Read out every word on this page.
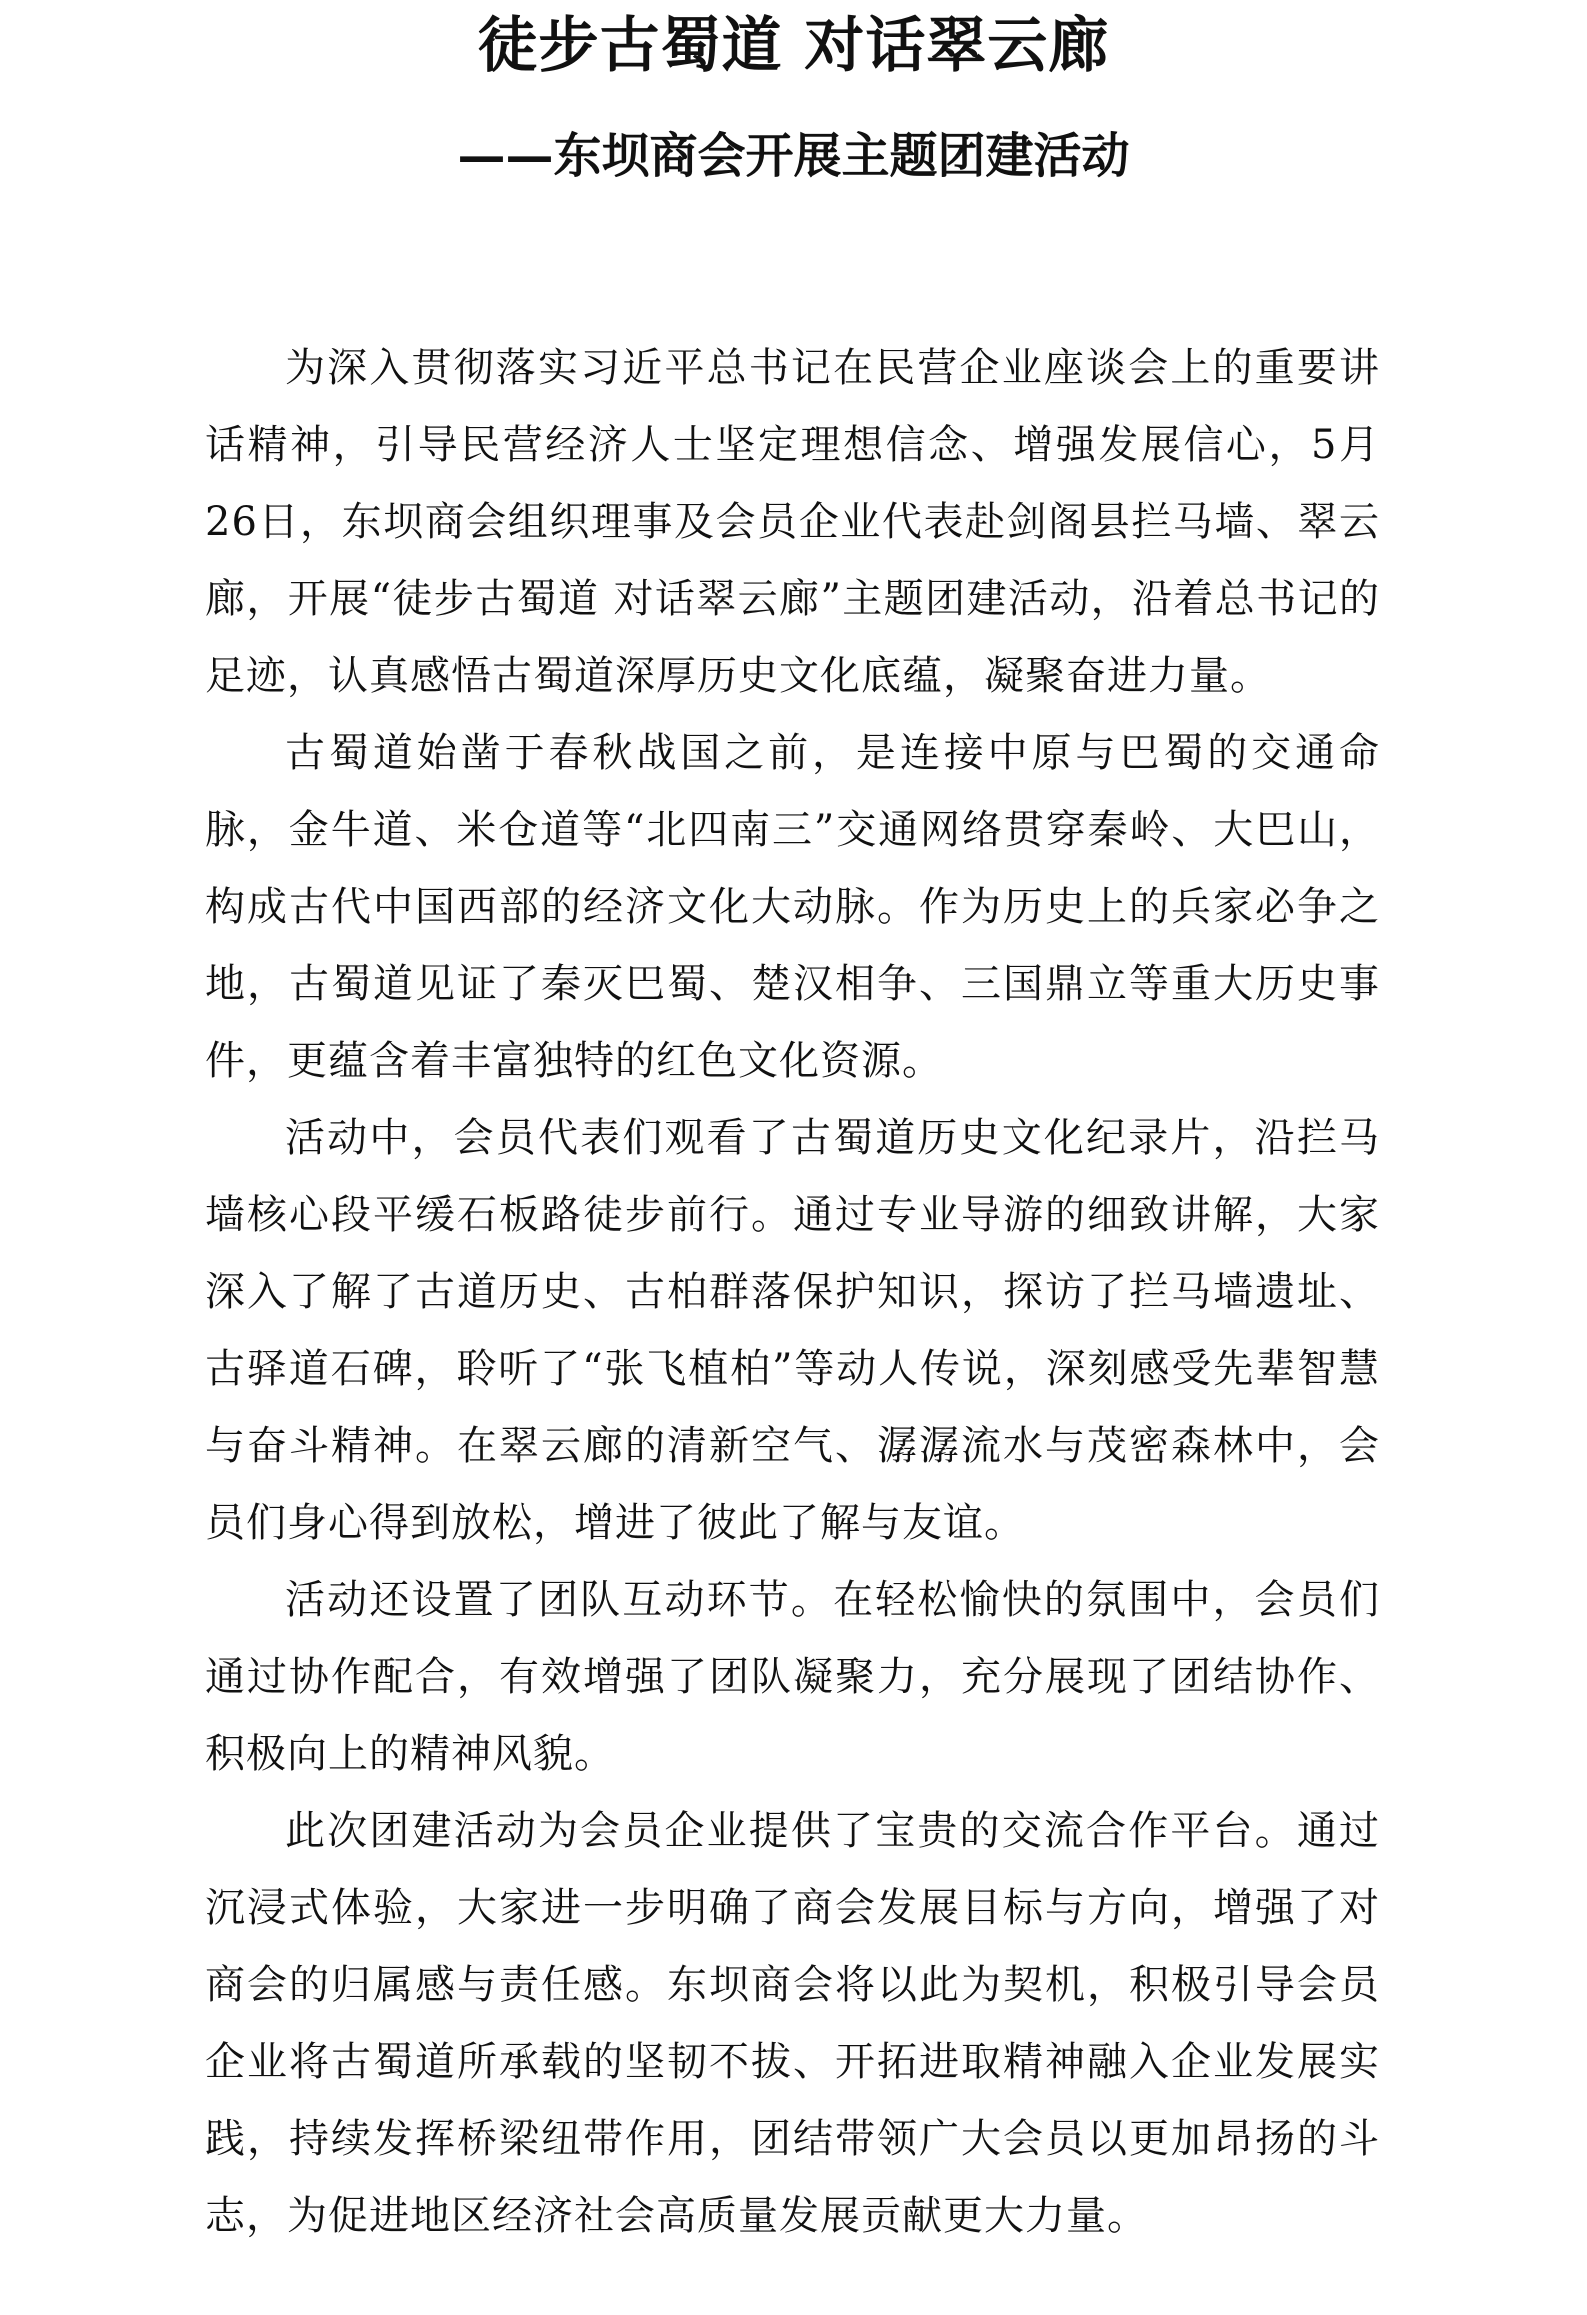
徒步古蜀道 对话翠云廊
——东坝商会开展主题团建活动

为深入贯彻落实习近平总书记在民营企业座谈会上的重要讲话精神，引导民营经济人士坚定理想信念、增强发展信心，5月26日，东坝商会组织理事及会员企业代表赴剑阁县拦马墙、翠云廊，开展“徒步古蜀道 对话翠云廊”主题团建活动，沿着总书记的足迹，认真感悟古蜀道深厚历史文化底蕴，凝聚奋进力量。

古蜀道始凿于春秋战国之前，是连接中原与巴蜀的交通命脉，金牛道、米仓道等“北四南三”交通网络贯穿秦岭、大巴山，构成古代中国西部的经济文化大动脉。作为历史上的兵家必争之地，古蜀道见证了秦灭巴蜀、楚汉相争、三国鼎立等重大历史事件，更蕴含着丰富独特的红色文化资源。

活动中，会员代表们观看了古蜀道历史文化纪录片，沿拦马墙核心段平缓石板路徒步前行。通过专业导游的细致讲解，大家深入了解了古道历史、古柏群落保护知识，探访了拦马墙遗址、古驿道石碑，聆听了“张飞植柏”等动人传说，深刻感受先辈智慧与奋斗精神。在翠云廊的清新空气、潺潺流水与茂密森林中，会员们身心得到放松，增进了彼此了解与友谊。

活动还设置了团队互动环节。在轻松愉快的氛围中，会员们通过协作配合，有效增强了团队凝聚力，充分展现了团结协作、积极向上的精神风貌。

此次团建活动为会员企业提供了宝贵的交流合作平台。通过沉浸式体验，大家进一步明确了商会发展目标与方向，增强了对商会的归属感与责任感。东坝商会将以此为契机，积极引导会员企业将古蜀道所承载的坚韧不拔、开拓进取精神融入企业发展实践，持续发挥桥梁纽带作用，团结带领广大会员以更加昂扬的斗志，为促进地区经济社会高质量发展贡献更大力量。
